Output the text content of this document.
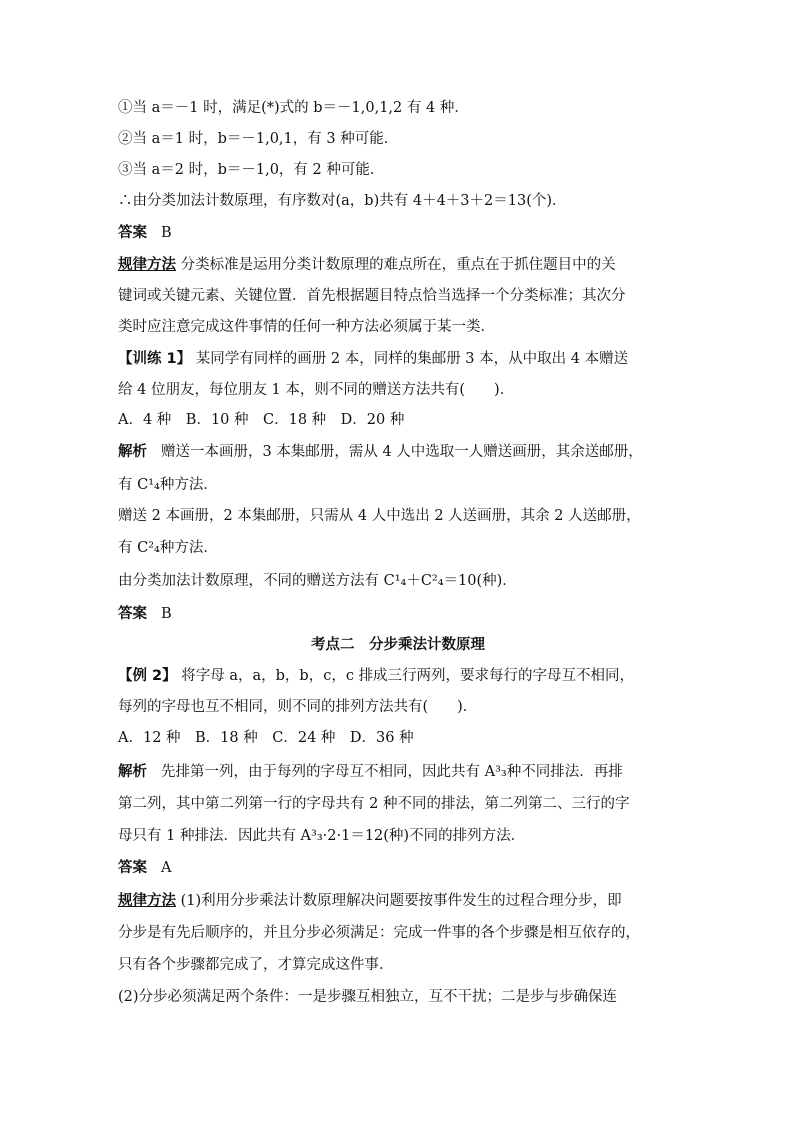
①当 a＝－1 时，满足(*)式的 b＝－1,0,1,2 有 4 种．
②当 a＝1 时，b＝－1,0,1，有 3 种可能．
③当 a＝2 时，b＝－1,0，有 2 种可能．
∴由分类加法计数原理，有序数对(a，b)共有 4＋4＋3＋2＝13(个)．
答案 B
规律方法 分类标准是运用分类计数原理的难点所在，重点在于抓住题目中的关
键词或关键元素、关键位置．首先根据题目特点恰当选择一个分类标准；其次分
类时应注意完成这件事情的任何一种方法必须属于某一类．
【训练 1】 某同学有同样的画册 2 本，同样的集邮册 3 本，从中取出 4 本赠送
给 4 位朋友，每位朋友 1 本，则不同的赠送方法共有(　　)．
A．4 种　B．10 种　C．18 种　D．20 种
解析 赠送一本画册，3 本集邮册，需从 4 人中选取一人赠送画册，其余送邮册，
有 C¹₄种方法．
赠送 2 本画册，2 本集邮册，只需从 4 人中选出 2 人送画册，其余 2 人送邮册，
有 C²₄种方法．
由分类加法计数原理，不同的赠送方法有 C¹₄＋C²₄＝10(种)．
答案 B
考点二　分步乘法计数原理
【例 2】 将字母 a，a，b，b，c，c 排成三行两列，要求每行的字母互不相同，
每列的字母也互不相同，则不同的排列方法共有(　　)．
A．12 种　B．18 种　C．24 种　D．36 种
解析 先排第一列，由于每列的字母互不相同，因此共有 A³₃种不同排法．再排
第二列，其中第二列第一行的字母共有 2 种不同的排法，第二列第二、三行的字
母只有 1 种排法．因此共有 A³₃·2·1＝12(种)不同的排列方法．
答案 A
规律方法 (1)利用分步乘法计数原理解决问题要按事件发生的过程合理分步，即
分步是有先后顺序的，并且分步必须满足：完成一件事的各个步骤是相互依存的，
只有各个步骤都完成了，才算完成这件事．
(2)分步必须满足两个条件：一是步骤互相独立，互不干扰；二是步与步确保连
